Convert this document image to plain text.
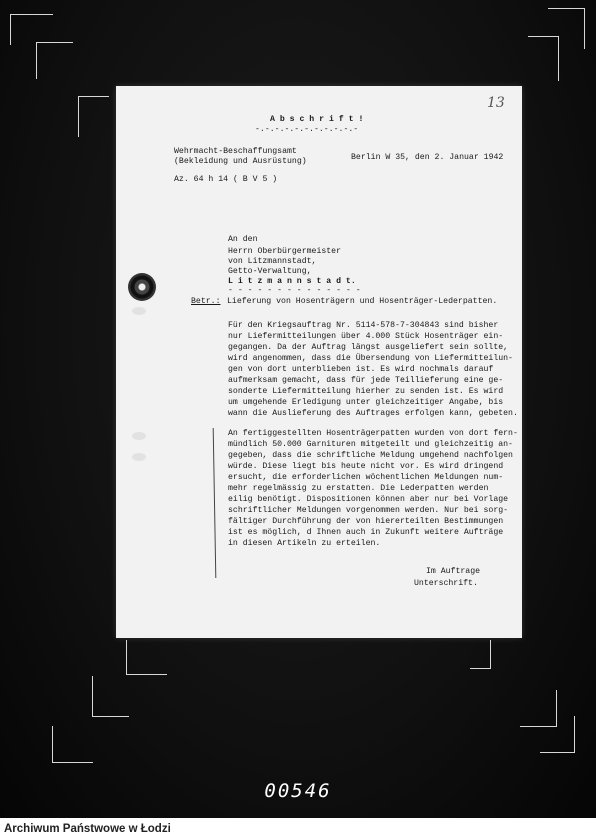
A b s c h r i f t !
-.-.-.-.-.-.-.-.-.-.-
Wehrmacht-Beschaffungsamt
(Bekleidung und Ausrüstung)	Berlin W 35, den 2. Januar 1942
Az. 64 h 14 ( B V 5 )
An den
Herrn Oberbürgermeister
von Litzmannstadt,
Getto-Verwaltung,
L i t z m a n n s t a d t.
- - - - - - - - - - - - - -
Betr.: Lieferung von Hosenträgern und Hosenträger-Lederpatten.
Für den Kriegsauftrag Nr. 5114-578-7-304843 sind bisher
nur Liefermitteilungen über 4.000 Stück Hosenträger ein-
gegangen. Da der Auftrag längst ausgeliefert sein sollte,
wird angenommen, dass die Übersendung von Liefermitteilun-
gen von dort unterblieben ist. Es wird nochmals darauf
aufmerksam gemacht, dass für jede Teillieferung eine ge-
sonderte Liefermitteilung hierher zu senden ist. Es wird
um umgehende Erledigung unter gleichzeitiger Angabe, bis
wann die Auslieferung des Auftrages erfolgen kann, gebeten.
An fertiggestellten Hosenträgerpatten wurden von dort fern-
mündlich 50.000 Garnituren mitgeteilt und gleichzeitig an-
gegeben, dass die schriftliche Meldung umgehend nachfolgen
würde. Diese liegt bis heute nicht vor. Es wird dringend
ersucht, die erforderlichen wöchentlichen Meldungen num-
mehr regelmässig zu erstatten. Die Lederpatten werden
eilig benötigt. Dispositionen können aber nur bei Vorlage
schriftlicher Meldungen vorgenommen werden. Nur bei sorg-
fältiger Durchführung der von hiererteilten Bestimmungen
ist es möglich, d Ihnen auch in Zukunft weitere Aufträge
in diesen Artikeln zu erteilen.
Im Auftrage
Unterschrift.
13
00546
Archiwum Państwowe w Łodzi
